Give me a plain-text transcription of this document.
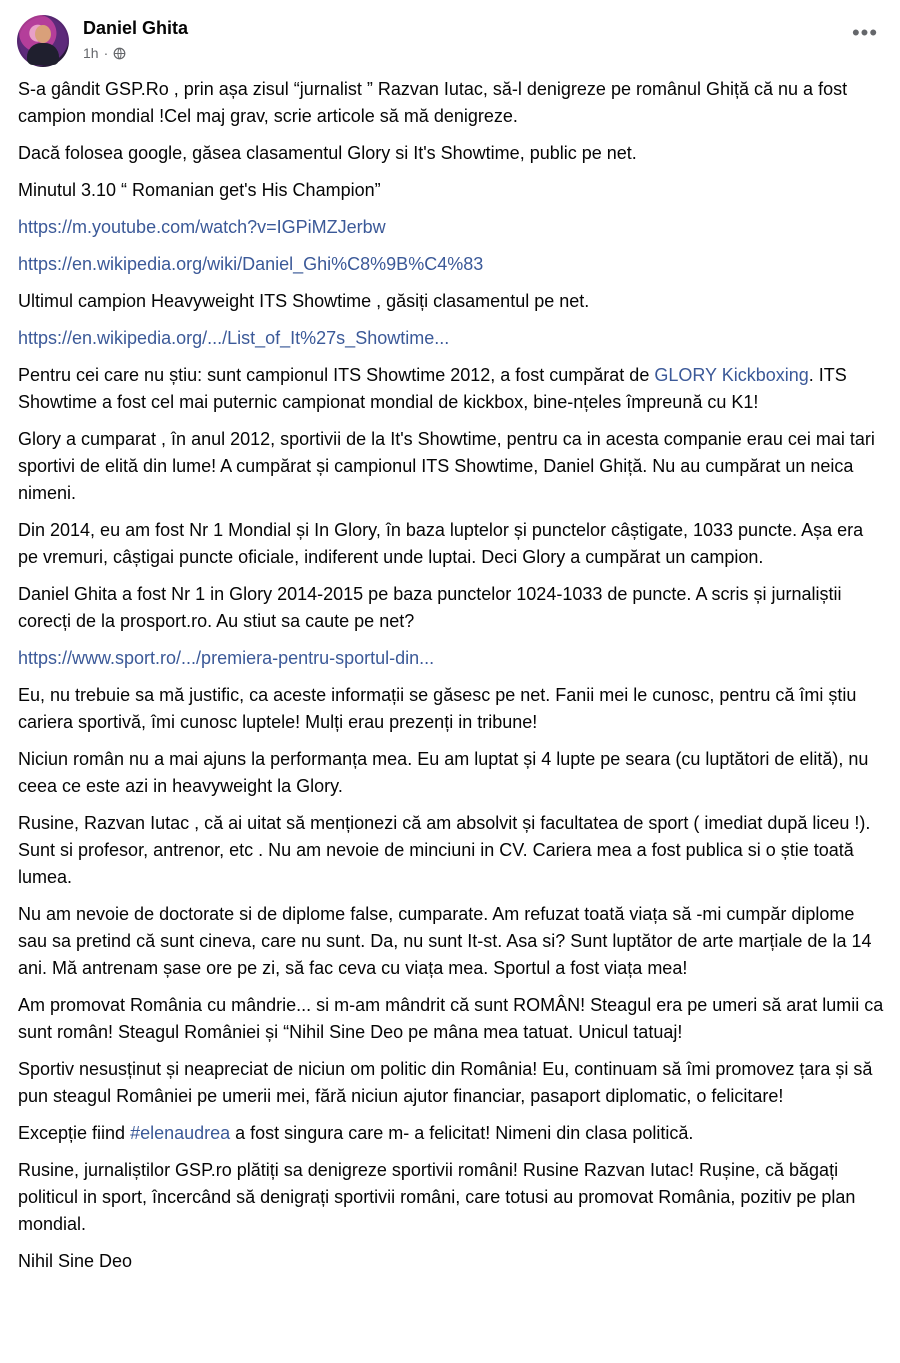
Daniel Ghita
1h ·
•••

S-a gândit GSP.Ro , prin așa zisul “jurnalist ” Razvan Iutac, să-l denigreze pe românul Ghiță că nu a fost campion mondial !Cel maj grav, scrie articole să mă denigreze.

Dacă folosea google, găsea clasamentul Glory si It's Showtime, public pe net.

Minutul 3.10 “ Romanian get's His Champion”

https://m.youtube.com/watch?v=IGPiMZJerbw

https://en.wikipedia.org/wiki/Daniel_Ghi%C8%9B%C4%83

Ultimul campion Heavyweight ITS Showtime , găsiți clasamentul pe net.

https://en.wikipedia.org/.../List_of_It%27s_Showtime...

Pentru cei care nu știu: sunt campionul ITS Showtime 2012, a fost cumpărat de GLORY Kickboxing. ITS Showtime a fost cel mai puternic campionat mondial de kickbox, bine-nțeles împreună cu K1!

Glory a cumparat , în anul 2012, sportivii de la It's Showtime, pentru ca in acesta companie erau cei mai tari sportivi de elită din lume! A cumpărat și campionul ITS Showtime, Daniel Ghiță. Nu au cumpărat un neica nimeni.

Din 2014, eu am fost Nr 1 Mondial și In Glory, în baza luptelor și punctelor câștigate, 1033 puncte. Așa era pe vremuri, câștigai puncte oficiale, indiferent unde luptai. Deci Glory a cumpărat un campion.

Daniel Ghita a fost Nr 1 in Glory 2014-2015 pe baza punctelor 1024-1033 de puncte. A scris și jurnaliștii corecți de la prosport.ro. Au stiut sa caute pe net?

https://www.sport.ro/.../premiera-pentru-sportul-din...

Eu, nu trebuie sa mă justific, ca aceste informații se găsesc pe net. Fanii mei le cunosc, pentru că îmi știu cariera sportivă, îmi cunosc luptele! Mulți erau prezenți in tribune!

Niciun român nu a mai ajuns la performanța mea. Eu am luptat și 4 lupte pe seara (cu luptători de elită), nu ceea ce este azi in heavyweight la Glory.

Rusine, Razvan Iutac , că ai uitat să menționezi că am absolvit și facultatea de sport ( imediat după liceu !). Sunt si profesor, antrenor, etc . Nu am nevoie de minciuni in CV. Cariera mea a fost publica si o știe toată lumea.

Nu am nevoie de doctorate si de diplome false, cumparate. Am refuzat toată viața să -mi cumpăr diplome sau sa pretind că sunt cineva, care nu sunt. Da, nu sunt It-st. Asa si? Sunt luptător de arte marțiale de la 14 ani. Mă antrenam șase ore pe zi, să fac ceva cu viața mea. Sportul a fost viața mea!

Am promovat România cu mândrie... si m-am mândrit că sunt ROMÂN! Steagul era pe umeri să arat lumii ca sunt român! Steagul României și “Nihil Sine Deo pe mâna mea tatuat. Unicul tatuaj!

Sportiv nesusținut și neapreciat de niciun om politic din România! Eu, continuam să îmi promovez țara și să pun steagul României pe umerii mei, fără niciun ajutor financiar, pasaport diplomatic, o felicitare!

Excepție fiind #elenaudrea a fost singura care m- a felicitat! Nimeni din clasa politică.

Rusine, jurnaliștilor GSP.ro plătiți sa denigreze sportivii români! Rusine Razvan Iutac! Rușine, că băgați politicul in sport, încercând să denigrați sportivii români, care totusi au promovat România, pozitiv pe plan mondial.

Nihil Sine Deo
